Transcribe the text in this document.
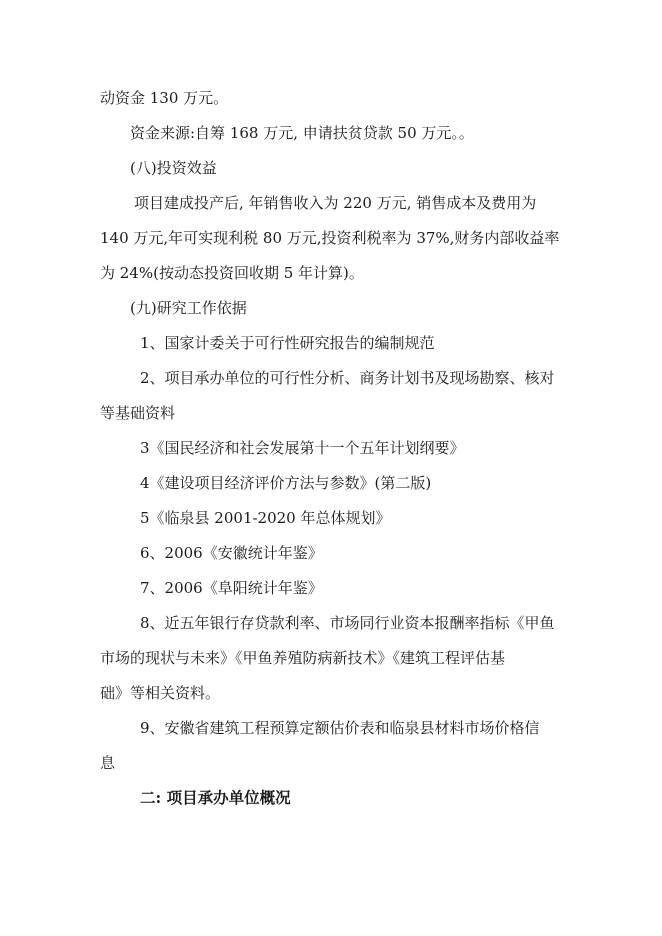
动资金 130 万元。
资金来源:自筹 168 万元, 申请扶贫贷款 50 万元。。
(八)投资效益
项目建成投产后, 年销售收入为 220 万元, 销售成本及费用为
140 万元,年可实现利税 80 万元,投资利税率为 37%,财务内部收益率
为 24%(按动态投资回收期 5 年计算)。
(九)研究工作依据
1、国家计委关于可行性研究报告的编制规范
2、项目承办单位的可行性分析、商务计划书及现场勘察、核对
等基础资料
3《国民经济和社会发展第十一个五年计划纲要》
4《建设项目经济评价方法与参数》(第二版)
5《临泉县 2001-2020 年总体规划》
6、2006《安徽统计年鉴》
7、2006《阜阳统计年鉴》
8、近五年银行存贷款利率、市场同行业资本报酬率指标《甲鱼
市场的现状与未来》《甲鱼养殖防病新技术》《建筑工程评估基
础》等相关资料。
9、安徽省建筑工程预算定额估价表和临泉县材料市场价格信
息
二: 项目承办单位概况
